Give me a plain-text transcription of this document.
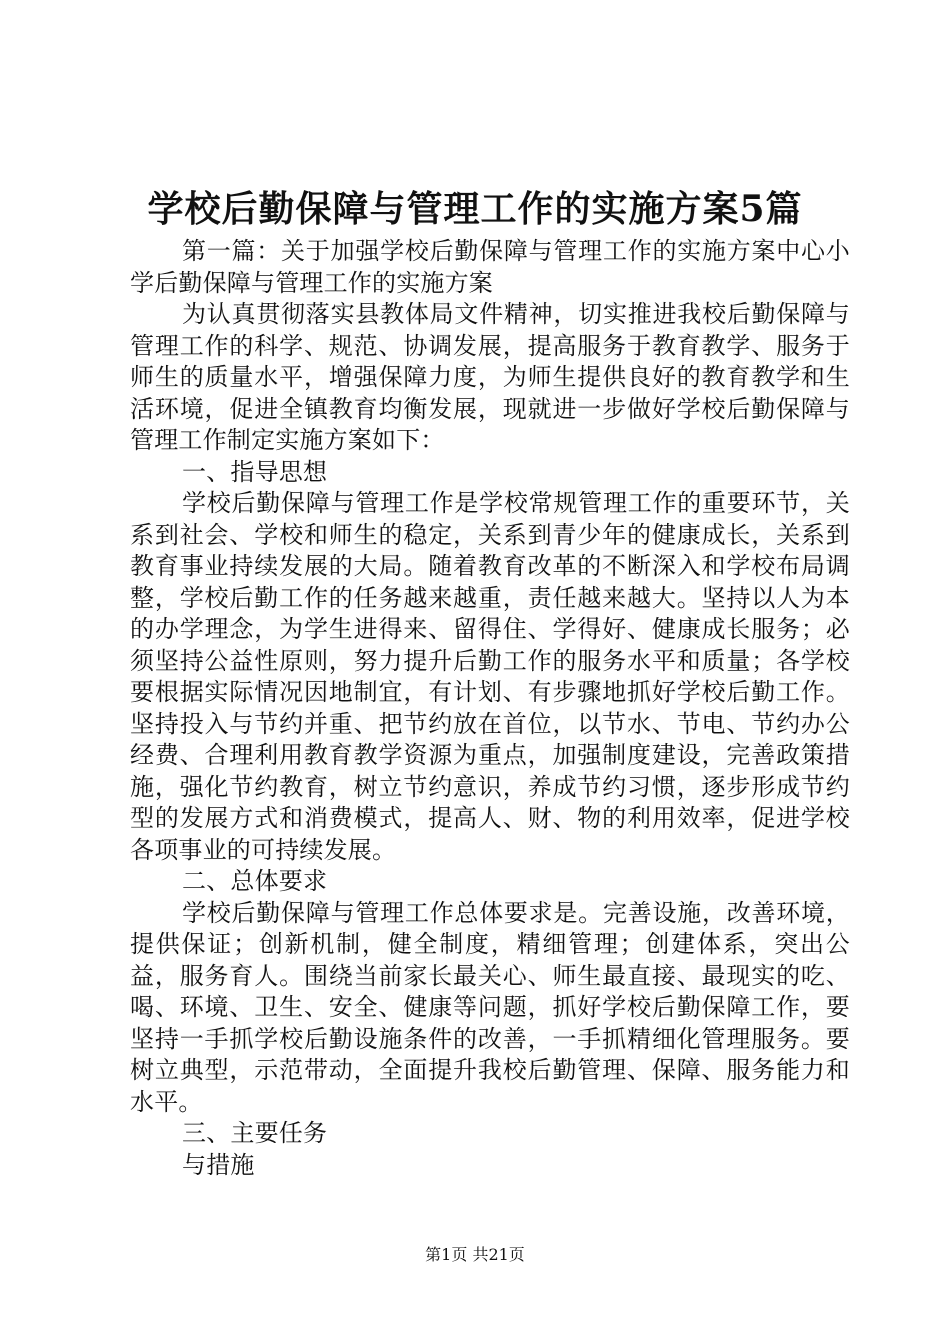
学校后勤保障与管理工作的实施方案5篇

第一篇：关于加强学校后勤保障与管理工作的实施方案中心小学后勤保障与管理工作的实施方案

为认真贯彻落实县教体局文件精神，切实推进我校后勤保障与管理工作的科学、规范、协调发展，提高服务于教育教学、服务于师生的质量水平，增强保障力度，为师生提供良好的教育教学和生活环境，促进全镇教育均衡发展，现就进一步做好学校后勤保障与管理工作制定实施方案如下：

一、指导思想

学校后勤保障与管理工作是学校常规管理工作的重要环节，关系到社会、学校和师生的稳定，关系到青少年的健康成长，关系到教育事业持续发展的大局。随着教育改革的不断深入和学校布局调整，学校后勤工作的任务越来越重，责任越来越大。坚持以人为本的办学理念，为学生进得来、留得住、学得好、健康成长服务；必须坚持公益性原则，努力提升后勤工作的服务水平和质量；各学校要根据实际情况因地制宜，有计划、有步骤地抓好学校后勤工作。坚持投入与节约并重、把节约放在首位，以节水、节电、节约办公经费、合理利用教育教学资源为重点，加强制度建设，完善政策措施，强化节约教育，树立节约意识，养成节约习惯，逐步形成节约型的发展方式和消费模式，提高人、财、物的利用效率，促进学校各项事业的可持续发展。

二、总体要求

学校后勤保障与管理工作总体要求是。完善设施，改善环境，提供保证；创新机制，健全制度，精细管理；创建体系，突出公益，服务育人。围绕当前家长最关心、师生最直接、最现实的吃、喝、环境、卫生、安全、健康等问题，抓好学校后勤保障工作，要坚持一手抓学校后勤设施条件的改善，一手抓精细化管理服务。要树立典型，示范带动，全面提升我校后勤管理、保障、服务能力和水平。

三、主要任务

与措施

第1页 共21页
